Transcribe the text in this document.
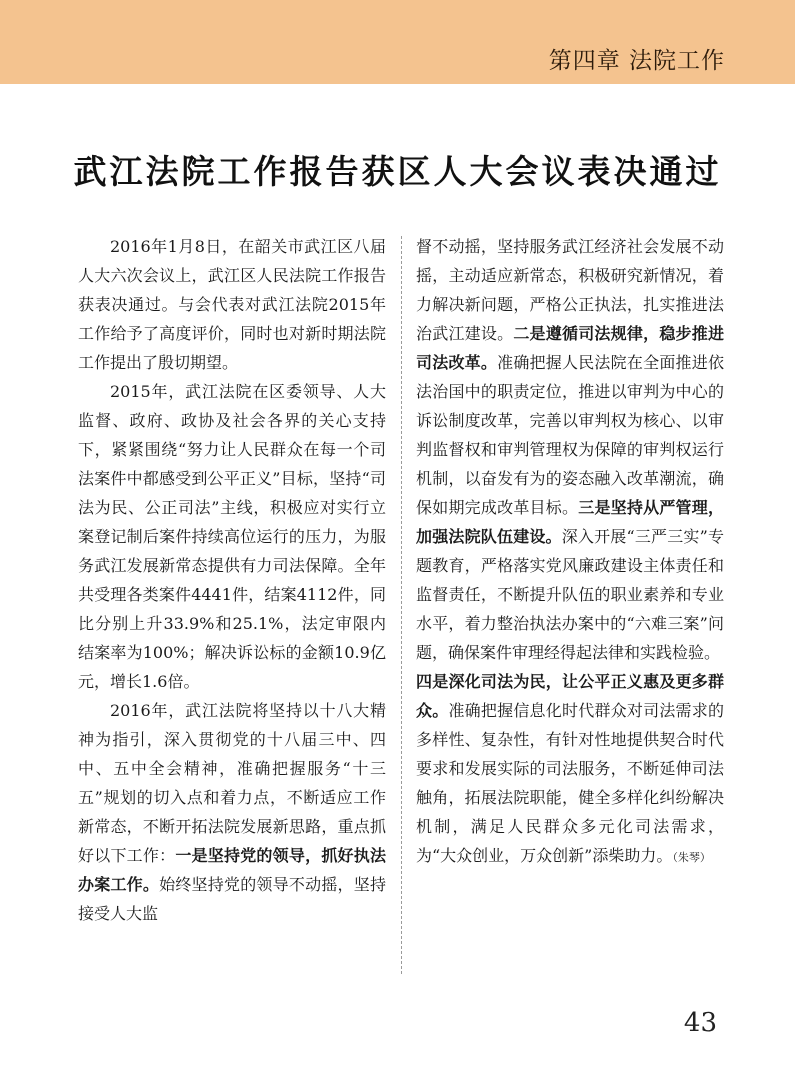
第四章 法院工作
武江法院工作报告获区人大会议表决通过

2016年1月8日，在韶关市武江区八届人大六次会议上，武江区人民法院工作报告获表决通过。与会代表对武江法院2015年工作给予了高度评价，同时也对新时期法院工作提出了殷切期望。

2015年，武江法院在区委领导、人大监督、政府、政协及社会各界的关心支持下，紧紧围绕“努力让人民群众在每一个司法案件中都感受到公平正义”目标，坚持“司法为民、公正司法”主线，积极应对实行立案登记制后案件持续高位运行的压力，为服务武江发展新常态提供有力司法保障。全年共受理各类案件4441件，结案4112件，同比分别上升33.9%和25.1%，法定审限内结案率为100%；解决诉讼标的金额10.9亿元，增长1.6倍。

2016年，武江法院将坚持以十八大精神为指引，深入贯彻党的十八届三中、四中、五中全会精神，准确把握服务“十三五”规划的切入点和着力点，不断适应工作新常态，不断开拓法院发展新思路，重点抓好以下工作：一是坚持党的领导，抓好执法办案工作。始终坚持党的领导不动摇，坚持接受人大监

督不动摇，坚持服务武江经济社会发展不动摇，主动适应新常态，积极研究新情况，着力解决新问题，严格公正执法，扎实推进法治武江建设。二是遵循司法规律，稳步推进司法改革。准确把握人民法院在全面推进依法治国中的职责定位，推进以审判为中心的诉讼制度改革，完善以审判权为核心、以审判监督权和审判管理权为保障的审判权运行机制，以奋发有为的姿态融入改革潮流，确保如期完成改革目标。三是坚持从严管理，加强法院队伍建设。深入开展“三严三实”专题教育，严格落实党风廉政建设主体责任和监督责任，不断提升队伍的职业素养和专业水平，着力整治执法办案中的“六难三案”问题，确保案件审理经得起法律和实践检验。

四是深化司法为民，让公平正义惠及更多群众。准确把握信息化时代群众对司法需求的多样性、复杂性，有针对性地提供契合时代要求和发展实际的司法服务，不断延伸司法触角，拓展法院职能，健全多样化纠纷解决机制，满足人民群众多元化司法需求，为“大众创业，万众创新”添柴助力。（朱琴）

43
